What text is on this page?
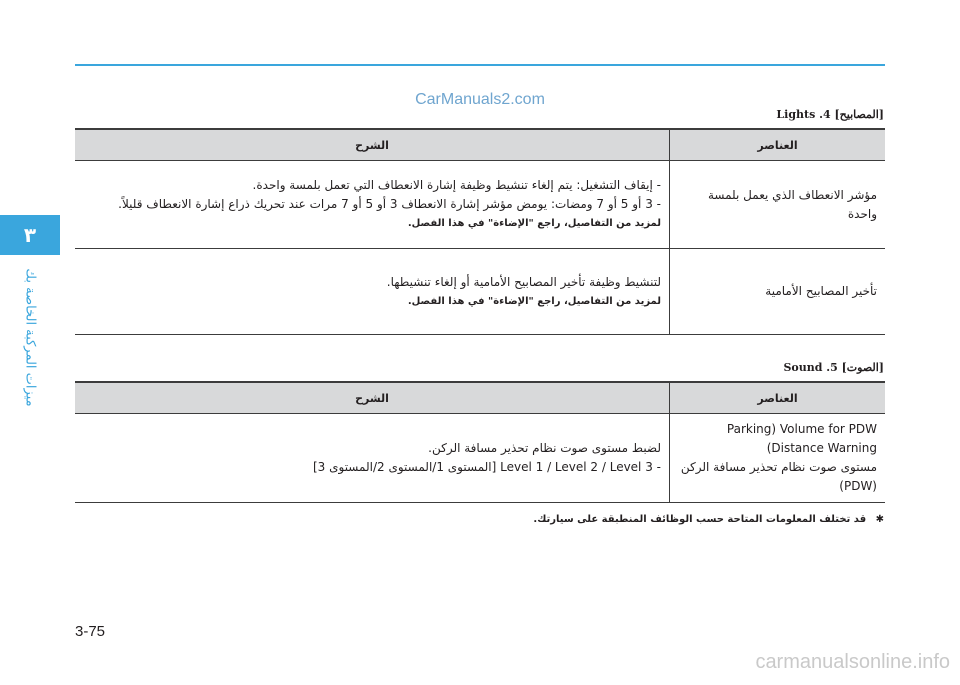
٣
ميزات المركبة الخاصة بك
CarManuals2.com
[المصابيح] Lights .4
العناصر	الشرح
مؤشر الانعطاف الذي يعمل بلمسة واحدة	- إيقاف التشغيل: يتم إلغاء تنشيط وظيفة إشارة الانعطاف التي تعمل بلمسة واحدة.
- 3 أو 5 أو 7 ومضات: يومض مؤشر إشارة الانعطاف 3 أو 5 أو 7 مرات عند تحريك ذراع إشارة الانعطاف قليلاً.
لمزيد من التفاصيل، راجع "الإضاءة" في هذا الفصل.

تأخير المصابيح الأمامية	لتنشيط وظيفة تأخير المصابيح الأمامية أو إلغاء تنشيطها.
لمزيد من التفاصيل، راجع "الإضاءة" في هذا الفصل.
[الصوت] Sound .5
العناصر	الشرح

Parking) Volume for PDW
(Distance Warning
مستوى صوت نظام تحذير مسافة الركن
(PDW)	لضبط مستوى صوت نظام تحذير مسافة الركن.
- Level 1 / Level 2 / Level 3 [المستوى 1/المستوى 2/المستوى 3]
✱ قد تختلف المعلومات المتاحة حسب الوظائف المنطبقة على سيارتك.
3-75
carmanualsonline.info
